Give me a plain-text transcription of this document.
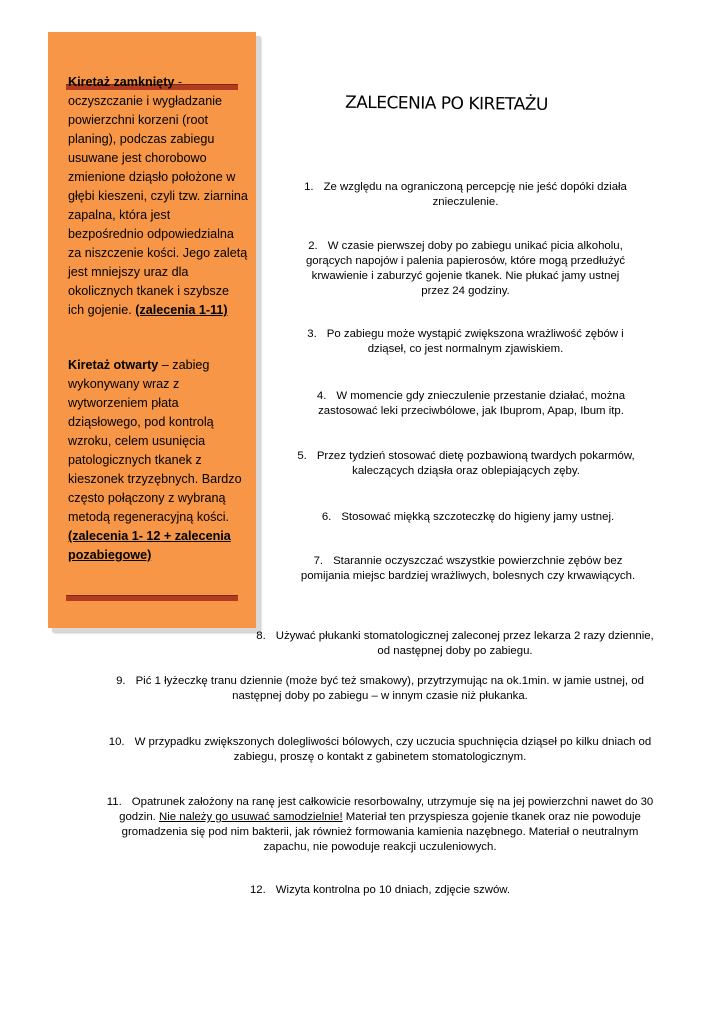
Kiretaż zamknięty - oczyszczanie i wygładzanie powierzchni korzeni (root planing), podczas zabiegu usuwane jest chorobowo zmienione dziąsło położone w głębi kieszeni, czyli tzw. ziarnina zapalna, która jest bezpośrednio odpowiedzialna za niszczenie kości. Jego zaletą jest mniejszy uraz dla okolicznych tkanek i szybsze ich gojenie. (zalecenia 1-11)
Kiretaż otwarty – zabieg wykonywany wraz z wytworzeniem płata dziąsłowego, pod kontrolą wzroku, celem usunięcia patologicznych tkanek z kieszonek trzyzębnych. Bardzo często połączony z wybraną metodą regeneracyjną kości. (zalecenia 1- 12 + zalecenia pozabiegowe)
ZALECENIA PO KIRETAŻU
1. Ze względu na ograniczoną percepcję nie jeść dopóki działa znieczulenie.
2. W czasie pierwszej doby po zabiegu unikać picia alkoholu, gorących napojów i palenia papierosów, które mogą przedłużyć krwawienie i zaburzyć gojenie tkanek. Nie płukać jamy ustnej przez 24 godziny.
3. Po zabiegu może wystąpić zwiększona wrażliwość zębów i dziąseł, co jest normalnym zjawiskiem.
4. W momencie gdy znieczulenie przestanie działać, można zastosować leki przeciwbólowe, jak Ibuprom, Apap, Ibum itp.
5. Przez tydzień stosować dietę pozbawioną twardych pokarmów, kaleczących dziąsła oraz oblepiających zęby.
6. Stosować miękką szczoteczkę do higieny jamy ustnej.
7. Starannie oczyszczać wszystkie powierzchnie zębów bez pomijania miejsc bardziej wrażliwych, bolesnych czy krwawiących.
8. Używać płukanki stomatologicznej zaleconej przez lekarza 2 razy dziennie, od następnej doby po zabiegu.
9. Pić 1 łyżeczkę tranu dziennie (może być też smakowy), przytrzymując na ok.1min. w jamie ustnej, od następnej doby po zabiegu – w innym czasie niż płukanka.
10. W przypadku zwiększonych dolegliwości bólowych, czy uczucia spuchnięcia dziąseł po kilku dniach od zabiegu, proszę o kontakt z gabinetem stomatologicznym.
11. Opatrunek założony na ranę jest całkowicie resorbowalny, utrzymuje się na jej powierzchni nawet do 30 godzin. Nie należy go usuwać samodzielnie! Materiał ten przyspiesza gojenie tkanek oraz nie powoduje gromadzenia się pod nim bakterii, jak również formowania kamienia nazębnego. Materiał o neutralnym zapachu, nie powoduje reakcji uczuleniowych.
12. Wizyta kontrolna po 10 dniach, zdjęcie szwów.
